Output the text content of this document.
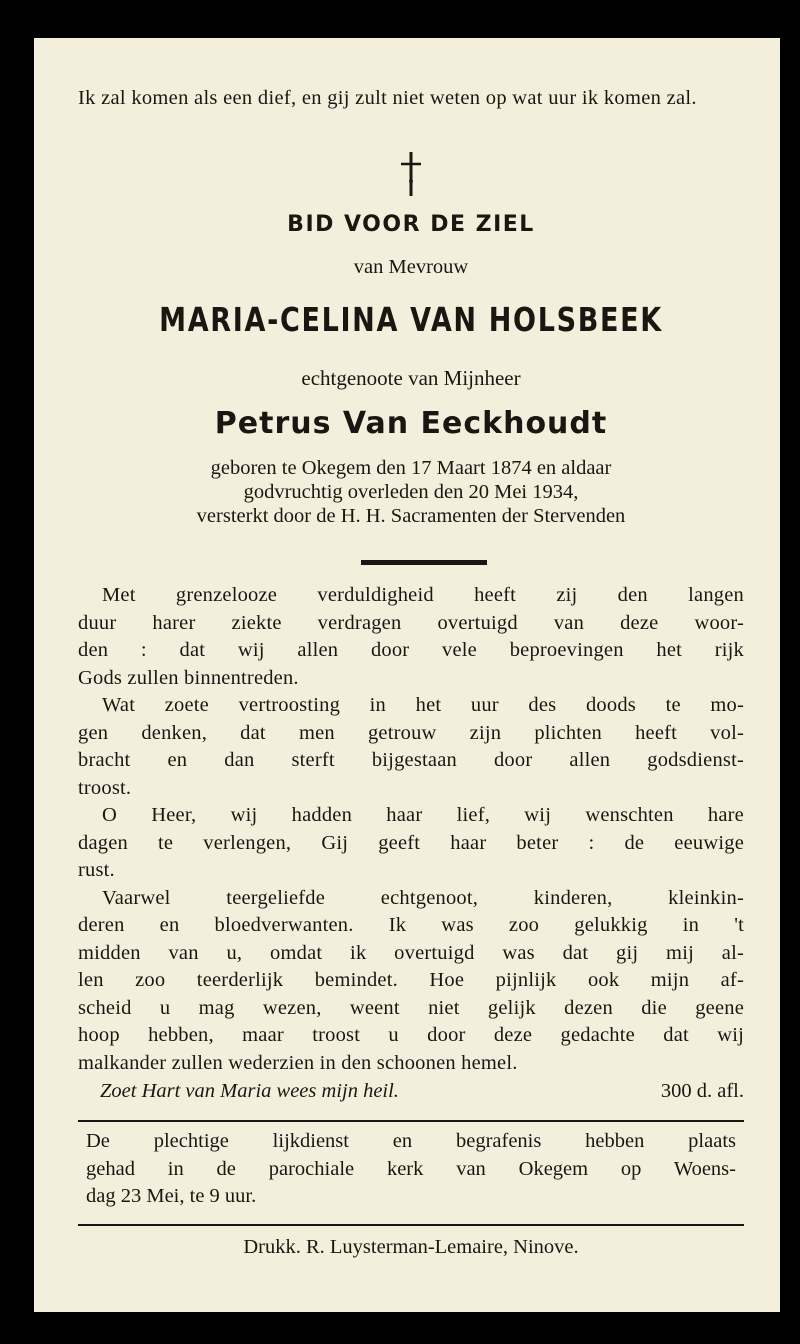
Ik zal komen als een dief, en gij zult niet weten op wat uur ik komen zal.
BID VOOR DE ZIEL
van Mevrouw
MARIA-CELINA VAN HOLSBEEK
echtgenoote van Mijnheer
Petrus Van Eeckhoudt
geboren te Okegem den 17 Maart 1874 en aldaar
godvruchtig overleden den 20 Mei 1934,
versterkt door de H. H. Sacramenten der Stervenden

Met grenzelooze verduldigheid heeft zij den langen
duur harer ziekte verdragen overtuigd van deze woor-
den : dat wij allen door vele beproevingen het rijk
Gods zullen binnentreden.

Wat zoete vertroosting in het uur des doods te mo-
gen denken, dat men getrouw zijn plichten heeft vol-
bracht en dan sterft bijgestaan door allen godsdienst-
troost.

O Heer, wij hadden haar lief, wij wenschten hare
dagen te verlengen, Gij geeft haar beter : de eeuwige
rust.

Vaarwel teergeliefde echtgenoot, kinderen, kleinkin-
deren en bloedverwanten. Ik was zoo gelukkig in 't
midden van u, omdat ik overtuigd was dat gij mij al-
len zoo teerderlijk bemindet. Hoe pijnlijk ook mijn af-
scheid u mag wezen, weent niet gelijk dezen die geene
hoop hebben, maar troost u door deze gedachte dat wij
malkander zullen wederzien in den schoonen hemel.

Zoet Hart van Maria wees mijn heil.	300 d. afl.
De plechtige lijkdienst en begrafenis hebben plaats
gehad in de parochiale kerk van Okegem op Woens-
dag 23 Mei, te 9 uur.
Drukk. R. Luysterman-Lemaire, Ninove.
